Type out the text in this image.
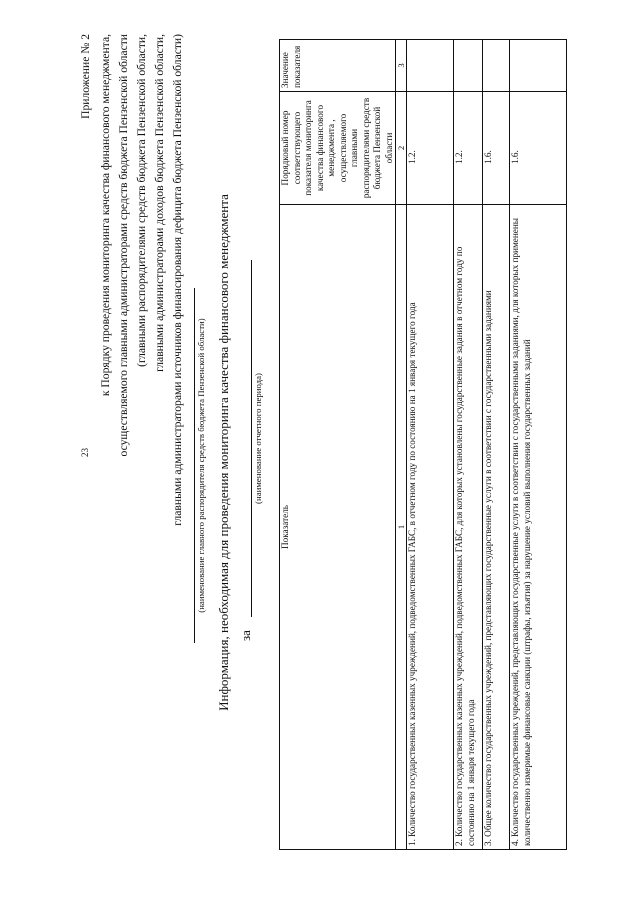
23
Приложение № 2 к Порядку проведения мониторинга качества финансового менеджмента, осуществляемого главными администраторами средств бюджета Пензенской области (главными распорядителями средств бюджета Пензенской области, главными администраторами доходов бюджета Пензенской области, главными администраторами источников финансирования дефицита бюджета Пензенской области)	(наименование главного распорядителя средств бюджета Пензенской области) Информация, необходимая для проведения мониторинга качества финансового менеджмента за
(наименование отчетного периода)
Показатель	Порядковый номер соответствующего показателя мониторинга качества финансового менеджмента , осуществляемого главными распорядителями средств бюджета Пензенской области	Значение показателя
1	2	3
1. Количество государственных казенных учреждений, подведомственных ГАБС, в отчетном году по состоянию на 1 января текущего года	1.2.	
2. Количество государственных казенных учреждений, подведомственных ГАБС, для которых установлены государственные задания в отчетном году по состоянию на 1 января текущего года	1.2.	
3. Общее количество государственных учреждений, представляющих государственные услуги в соответствии с государственными заданиями	1.6.	
4. Количество государственных учреждений, представляющих государственные услуги в соответствии с государственными заданиями, для которых применены количественно измеримые финансовые санкции (штрафы, изъятия) за нарушение условий выполнения государственных заданий	1.6.	
